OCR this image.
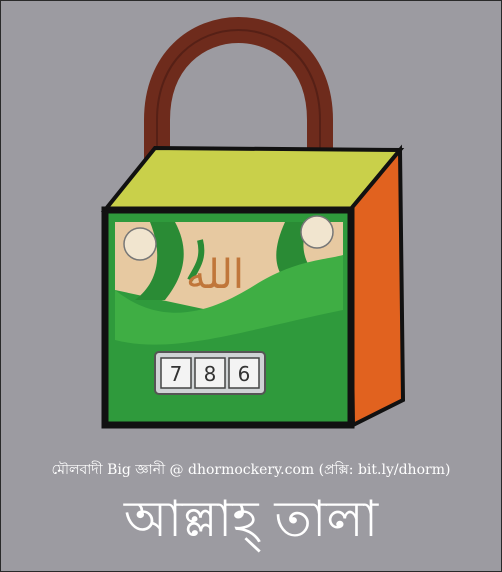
الله
7 8 6
মৌলবাদী Big জ্ঞানী @ dhormockery.com (প্রক্সি: bit.ly/dhorm)
আল্লাহ্ তালা
